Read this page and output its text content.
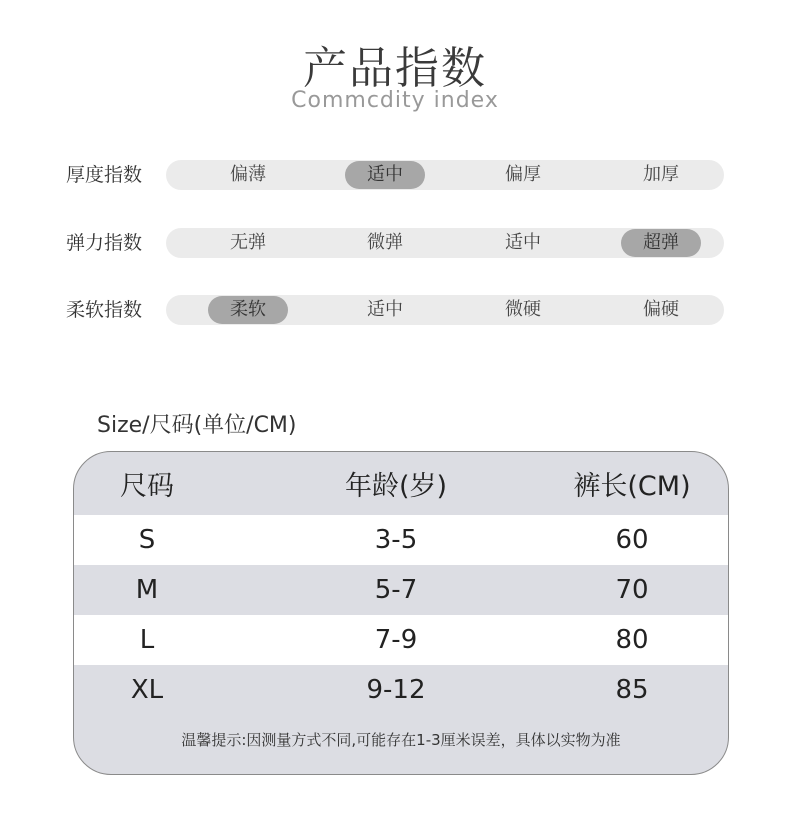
产品指数
Commcdity index
厚度指数	偏薄	适中	偏厚	加厚
弹力指数	无弹	微弹	适中	超弹
柔软指数	柔软	适中	微硬	偏硬
Size/尺码(单位/CM)
尺码	年龄(岁)	裤长(CM)
S	3-5	60
M	5-7	70
L	7-9	80
XL	9-12	85
温馨提示:因测量方式不同,可能存在1-3厘米误差，具体以实物为准
